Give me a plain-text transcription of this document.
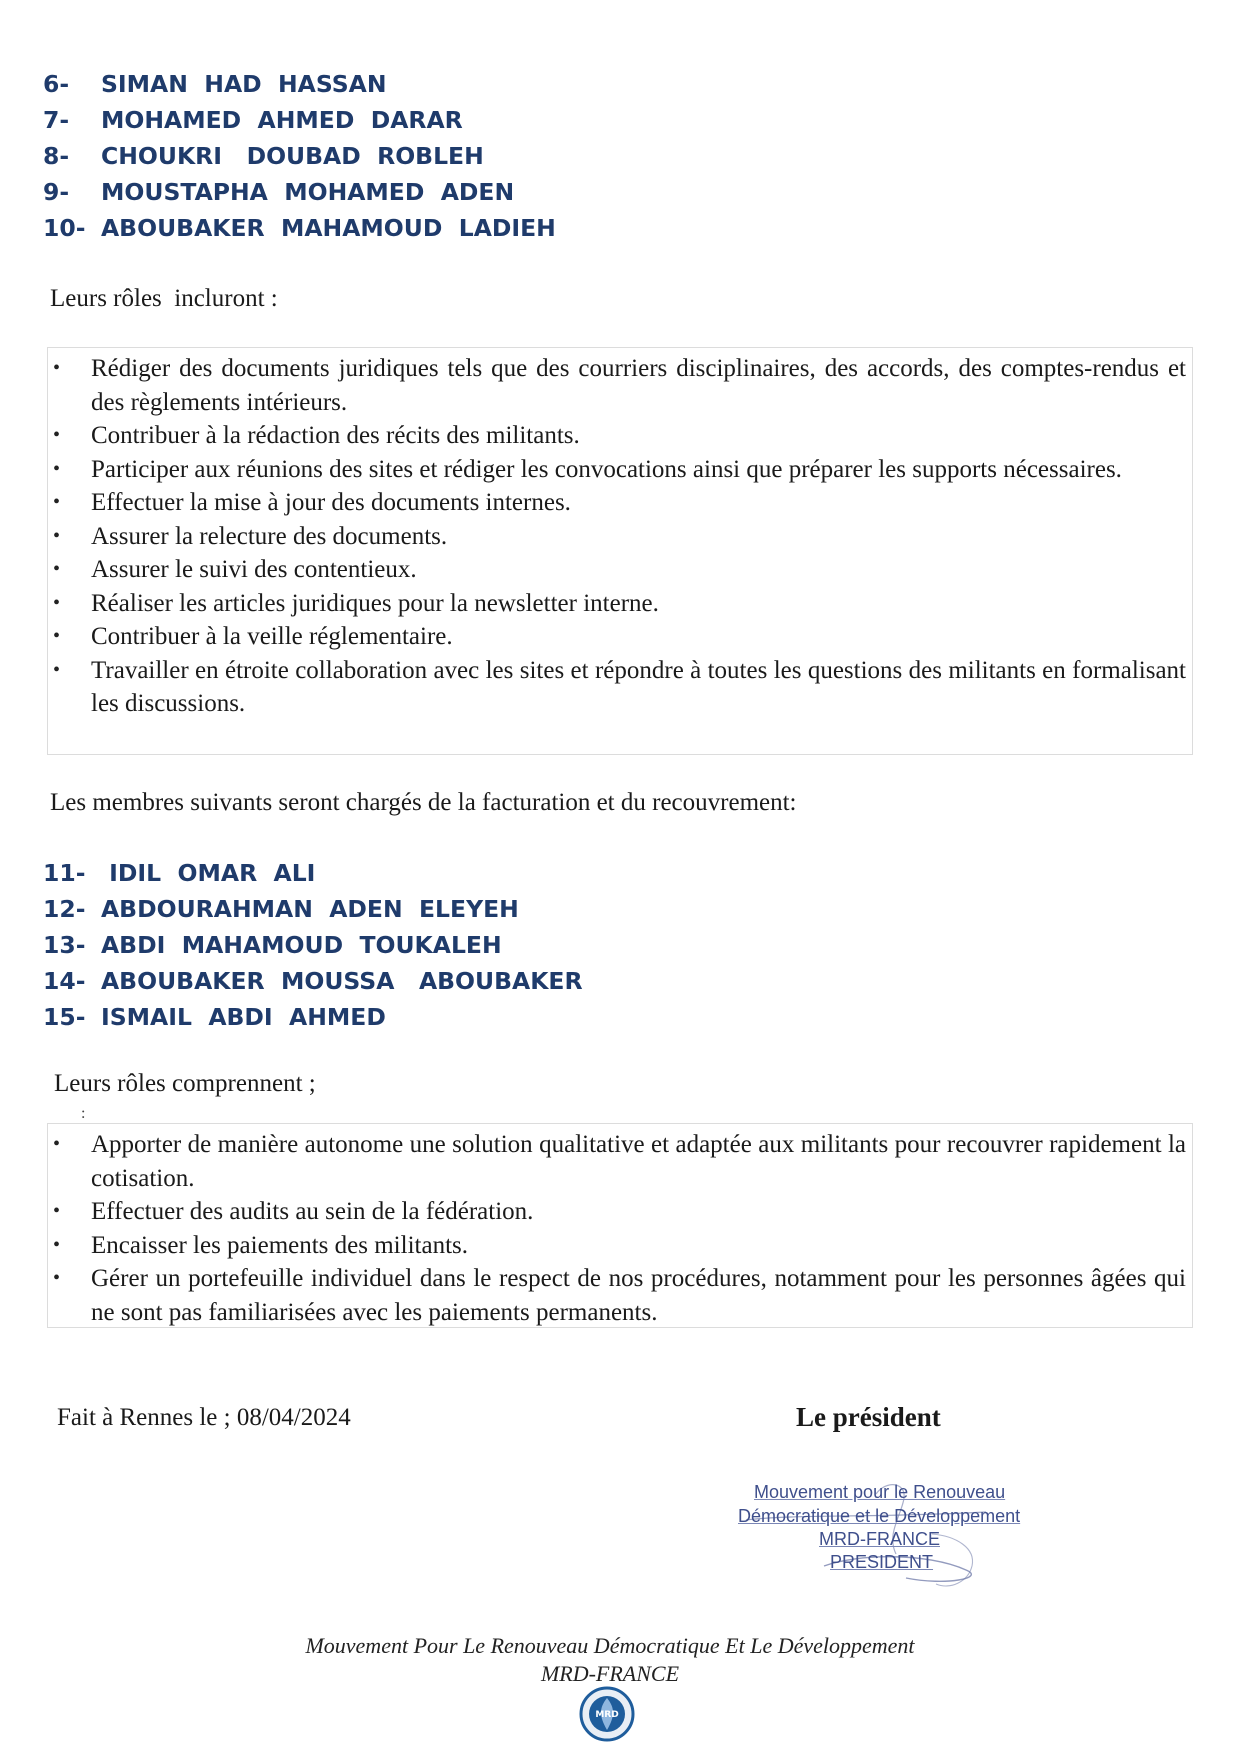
6- SIMAN  HAD  HASSAN
7- MOHAMED  AHMED  DARAR
8- CHOUKRI   DOUBAD  ROBLEH
9- MOUSTAPHA  MOHAMED  ADEN
10- ABOUBAKER  MAHAMOUD  LADIEH
Leurs rôles  incluront :
• Rédiger des documents juridiques tels que des courriers disciplinaires, des accords, des comptes-rendus et des règlements intérieurs.
• Contribuer à la rédaction des récits des militants.
• Participer aux réunions des sites et rédiger les convocations ainsi que préparer les supports nécessaires.
• Effectuer la mise à jour des documents internes.
• Assurer la relecture des documents.
• Assurer le suivi des contentieux.
• Réaliser les articles juridiques pour la newsletter interne.
• Contribuer à la veille réglementaire.
• Travailler en étroite collaboration avec les sites et répondre à toutes les questions des militants en formalisant les discussions.
Les membres suivants seront chargés de la facturation et du recouvrement:
11- IDIL  OMAR  ALI
12- ABDOURAHMAN  ADEN  ELEYEH
13- ABDI  MAHAMOUD  TOUKALEH
14- ABOUBAKER  MOUSSA   ABOUBAKER
15- ISMAIL  ABDI  AHMED
Leurs rôles comprennent ;
:
• Apporter de manière autonome une solution qualitative et adaptée aux militants pour recouvrer rapidement la cotisation.
• Effectuer des audits au sein de la fédération.
• Encaisser les paiements des militants.
• Gérer un portefeuille individuel dans le respect de nos procédures, notamment pour les personnes âgées qui ne sont pas familiarisées avec les paiements permanents.
Fait à Rennes le ; 08/04/2024	Le président
Mouvement pour le Renouveau
Démocratique et le Développement
MRD-FRANCE
PRESIDENT
Mouvement Pour Le Renouveau Démocratique Et Le Développement
MRD-FRANCE
MRD
